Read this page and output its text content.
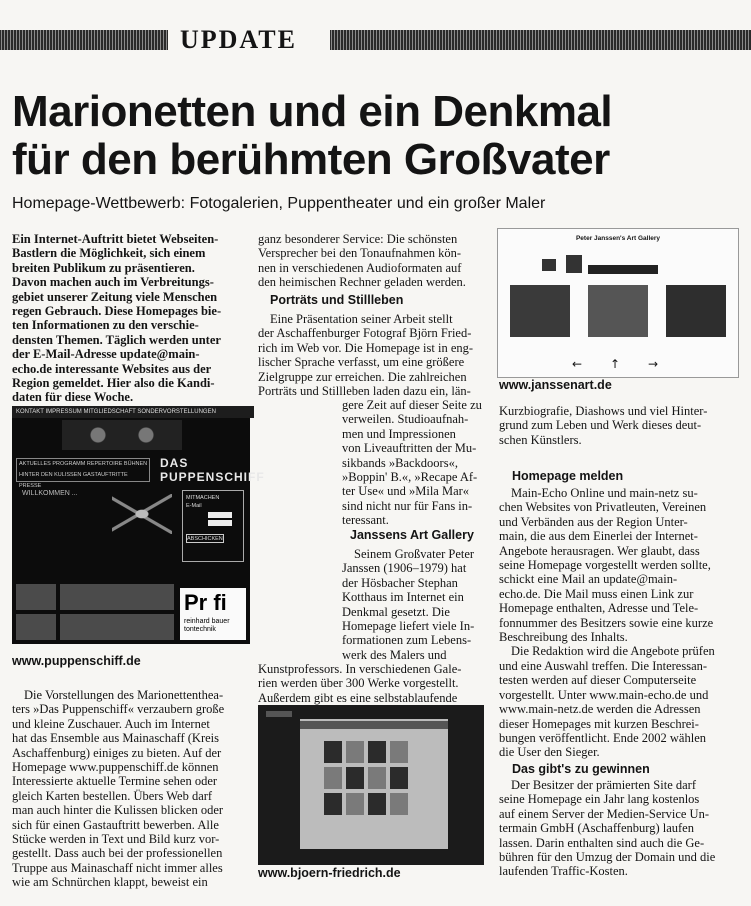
UPDATE
Marionetten und ein Denkmal
für den berühmten Großvater
Homepage-Wettbewerb: Fotogalerien, Puppentheater und ein großer Maler
Ein Internet-Auftritt bietet Webseiten-
Bastlern die Möglichkeit, sich einem
breiten Publikum zu präsentieren.
Davon machen auch im Verbreitungs-
gebiet unserer Zeitung viele Menschen
regen Gebrauch. Diese Homepages bie-
ten Informationen zu den verschie-
densten Themen. Täglich werden unter
der E-Mail-Adresse update@main-
echo.de interessante Websites aus der
Region gemeldet. Hier also die Kandi-
daten für diese Woche.
KONTAKT IMPRESSUM MITGLIEDSCHAFT SONDERVORSTELLUNGEN
DAS PUPPENSCHIFF
AKTUELLES PROGRAMM REPERTOIRE BÜHNEN
HINTER DEN KULISSEN GASTAUFTRITTE PRESSE
WILLKOMMEN ...
MITMACHEN
E-Mail
ABSCHICKEN
Pr fi
reinhard bauer
tontechnik
www.puppenschiff.de
Die Vorstellungen des Marionettenthea-
ters »Das Puppenschiff« verzaubern große
und kleine Zuschauer. Auch im Internet
hat das Ensemble aus Mainaschaff (Kreis
Aschaffenburg) einiges zu bieten. Auf der
Homepage www.puppenschiff.de können
Interessierte aktuelle Termine sehen oder
gleich Karten bestellen. Übers Web darf
man auch hinter die Kulissen blicken oder
sich für einen Gastauftritt bewerben. Alle
Stücke werden in Text und Bild kurz vor-
gestellt. Dass auch bei der professionellen
Truppe aus Mainaschaff nicht immer alles
wie am Schnürchen klappt, beweist ein
ganz besonderer Service: Die schönsten
Versprecher bei den Tonaufnahmen kön-
nen in verschiedenen Audioformaten auf
den heimischen Rechner geladen werden.
Porträts und Stillleben
Eine Präsentation seiner Arbeit stellt
der Aschaffenburger Fotograf Björn Fried-
rich im Web vor. Die Homepage ist in eng-
lischer Sprache verfasst, um eine größere
Zielgruppe zur erreichen. Die zahlreichen
Porträts und Stillleben laden dazu ein, län-
gere Zeit auf dieser Seite zu
verweilen. Studioaufnah-
men und Impressionen
von Liveauftritten der Mu-
sikbands »Backdoors«,
»Boppin' B.«, »Recape Af-
ter Use« und »Mila Mar«
sind nicht nur für Fans in-
teressant.
Janssens Art Gallery
Seinem Großvater Peter
Janssen (1906–1979) hat
der Hösbacher Stephan
Kotthaus im Internet ein
Denkmal gesetzt. Die
Homepage liefert viele In-
formationen zum Lebens-
werk des Malers und
Kunstprofessors. In verschiedenen Gale-
rien werden über 300 Werke vorgestellt.
Außerdem gibt es eine selbstablaufende
www.bjoern-friedrich.de
Peter Janssen's Art Gallery
← ↑ →
www.janssenart.de
Kurzbiografie, Diashows und viel Hinter-
grund zum Leben und Werk dieses deut-
schen Künstlers.
Homepage melden
Main-Echo Online und main-netz su-
chen Websites von Privatleuten, Vereinen
und Verbänden aus der Region Unter-
main, die aus dem Einerlei der Internet-
Angebote herausragen. Wer glaubt, dass
seine Homepage vorgestellt werden sollte,
schickt eine Mail an update@main-
echo.de. Die Mail muss einen Link zur
Homepage enthalten, Adresse und Tele-
fonnummer des Besitzers sowie eine kurze
Beschreibung des Inhalts.
Die Redaktion wird die Angebote prüfen
und eine Auswahl treffen. Die Interessan-
testen werden auf dieser Computerseite
vorgestellt. Unter www.main-echo.de und
www.main-netz.de werden die Adressen
dieser Homepages mit kurzen Beschrei-
bungen veröffentlicht. Ende 2002 wählen
die User den Sieger.
Das gibt's zu gewinnen
Der Besitzer der prämierten Site darf
seine Homepage ein Jahr lang kostenlos
auf einem Server der Medien-Service Un-
termain GmbH (Aschaffenburg) laufen
lassen. Darin enthalten sind auch die Ge-
bühren für den Umzug der Domain und die
laufenden Traffic-Kosten.
